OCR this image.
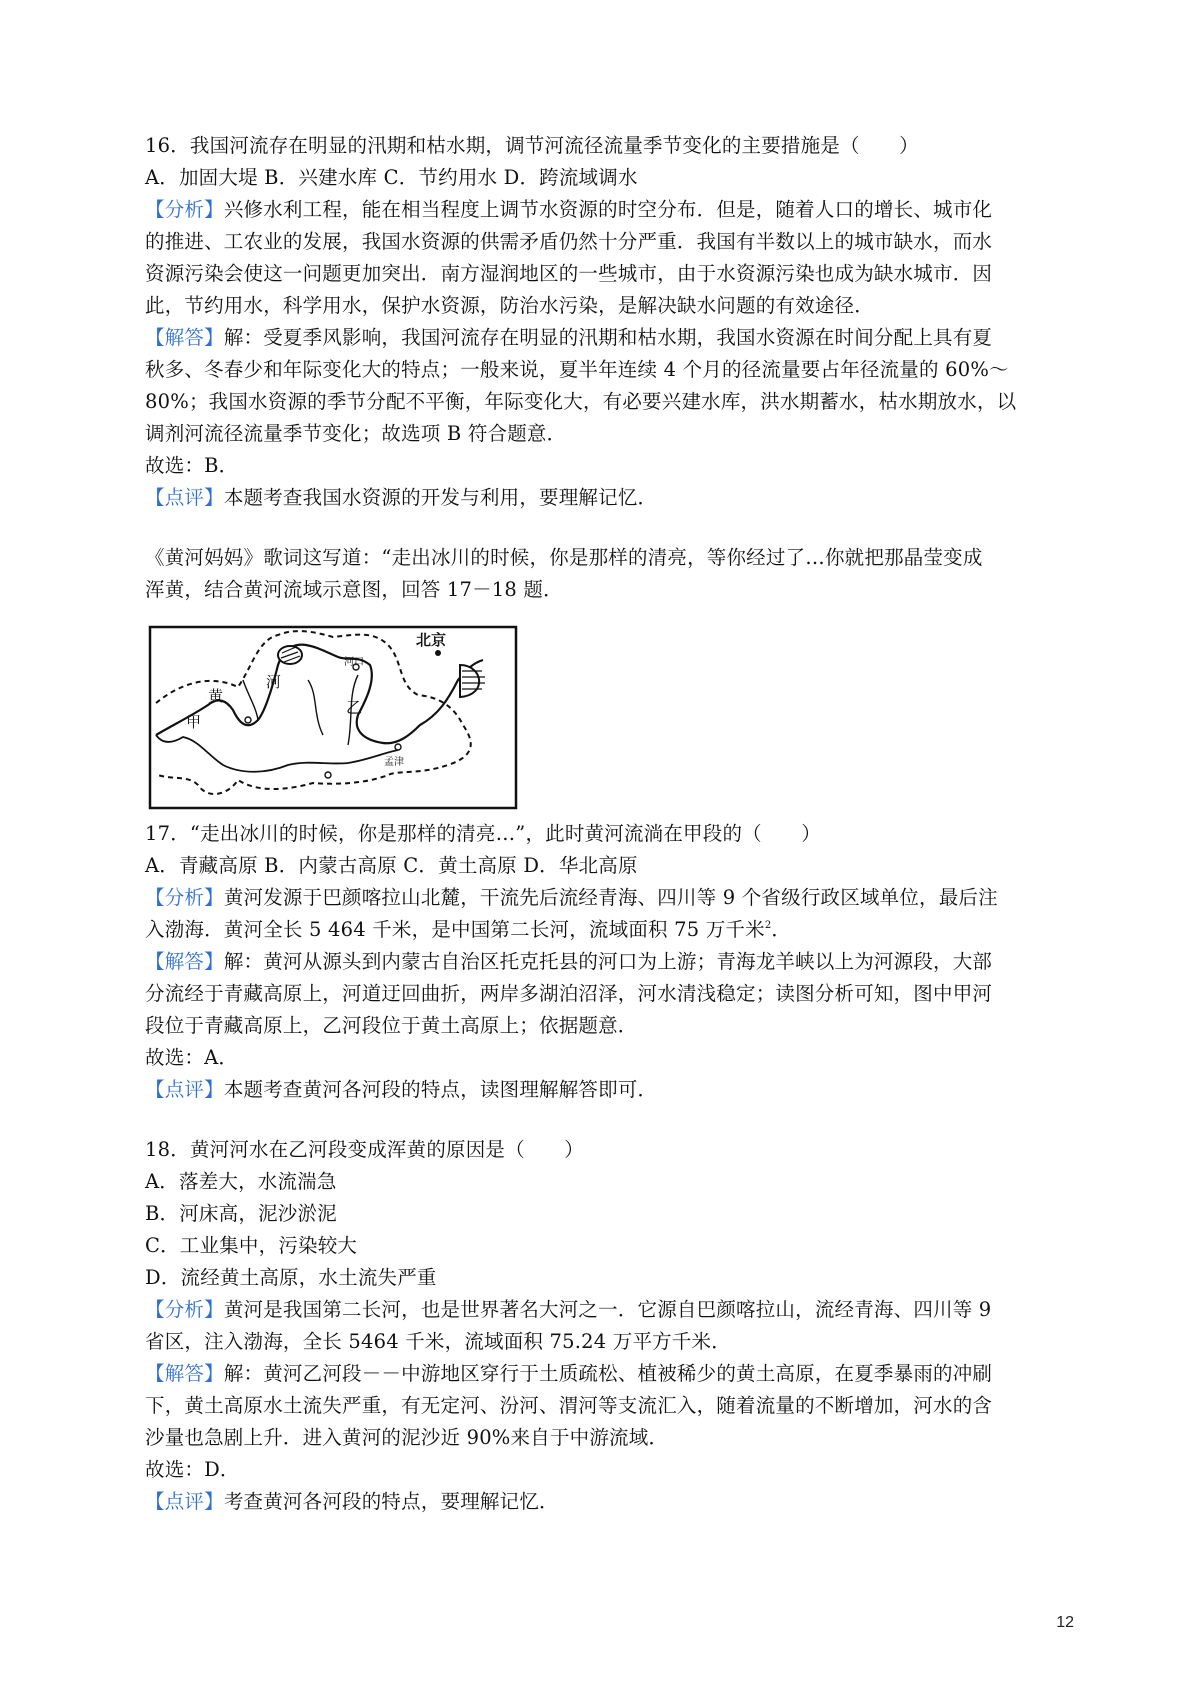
16．我国河流存在明显的汛期和枯水期，调节河流径流量季节变化的主要措施是（　　）
A．加固大堤 B．兴建水库 C．节约用水 D．跨流域调水
【分析】兴修水利工程，能在相当程度上调节水资源的时空分布．但是，随着人口的增长、城市化
的推进、工农业的发展，我国水资源的供需矛盾仍然十分严重．我国有半数以上的城市缺水，而水
资源污染会使这一问题更加突出．南方湿润地区的一些城市，由于水资源污染也成为缺水城市．因
此，节约用水，科学用水，保护水资源，防治水污染，是解决缺水问题的有效途径．
【解答】解：受夏季风影响，我国河流存在明显的汛期和枯水期，我国水资源在时间分配上具有夏
秋多、冬春少和年际变化大的特点；一般来说，夏半年连续 4 个月的径流量要占年径流量的 60%～
80%；我国水资源的季节分配不平衡，年际变化大，有必要兴建水库，洪水期蓄水，枯水期放水，以
调剂河流径流量季节变化；故选项 B 符合题意．
故选：B．
【点评】本题考查我国水资源的开发与利用，要理解记忆．
《黄河妈妈》歌词这写道：“走出冰川的时候，你是那样的清亮，等你经过了…你就把那晶莹变成
浑黄，结合黄河流域示意图，回答 17－18 题．
北京
河口
河
黄
甲
乙
孟津
17．“走出冰川的时候，你是那样的清亮…”，此时黄河流淌在甲段的（　　）
A．青藏高原 B．内蒙古高原 C．黄土高原 D．华北高原
【分析】黄河发源于巴颜喀拉山北麓，干流先后流经青海、四川等 9 个省级行政区域单位，最后注
入渤海．黄河全长 5 464 千米，是中国第二长河，流域面积 75 万千米$^2$．
【解答】解：黄河从源头到内蒙古自治区托克托县的河口为上游；青海龙羊峡以上为河源段，大部
分流经于青藏高原上，河道迂回曲折，两岸多湖泊沼泽，河水清浅稳定；读图分析可知，图中甲河
段位于青藏高原上，乙河段位于黄土高原上；依据题意．
故选：A．
【点评】本题考查黄河各河段的特点，读图理解解答即可．
18．黄河河水在乙河段变成浑黄的原因是（　　）
A．落差大，水流湍急
B．河床高，泥沙淤泥
C．工业集中，污染较大
D．流经黄土高原，水土流失严重
【分析】黄河是我国第二长河，也是世界著名大河之一．它源自巴颜喀拉山，流经青海、四川等 9
省区，注入渤海，全长 5464 千米，流域面积 75.24 万平方千米．
【解答】解：黄河乙河段－－中游地区穿行于土质疏松、植被稀少的黄土高原，在夏季暴雨的冲刷
下，黄土高原水土流失严重，有无定河、汾河、渭河等支流汇入，随着流量的不断增加，河水的含
沙量也急剧上升．进入黄河的泥沙近 90%来自于中游流域．
故选：D．
【点评】考查黄河各河段的特点，要理解记忆．
12
